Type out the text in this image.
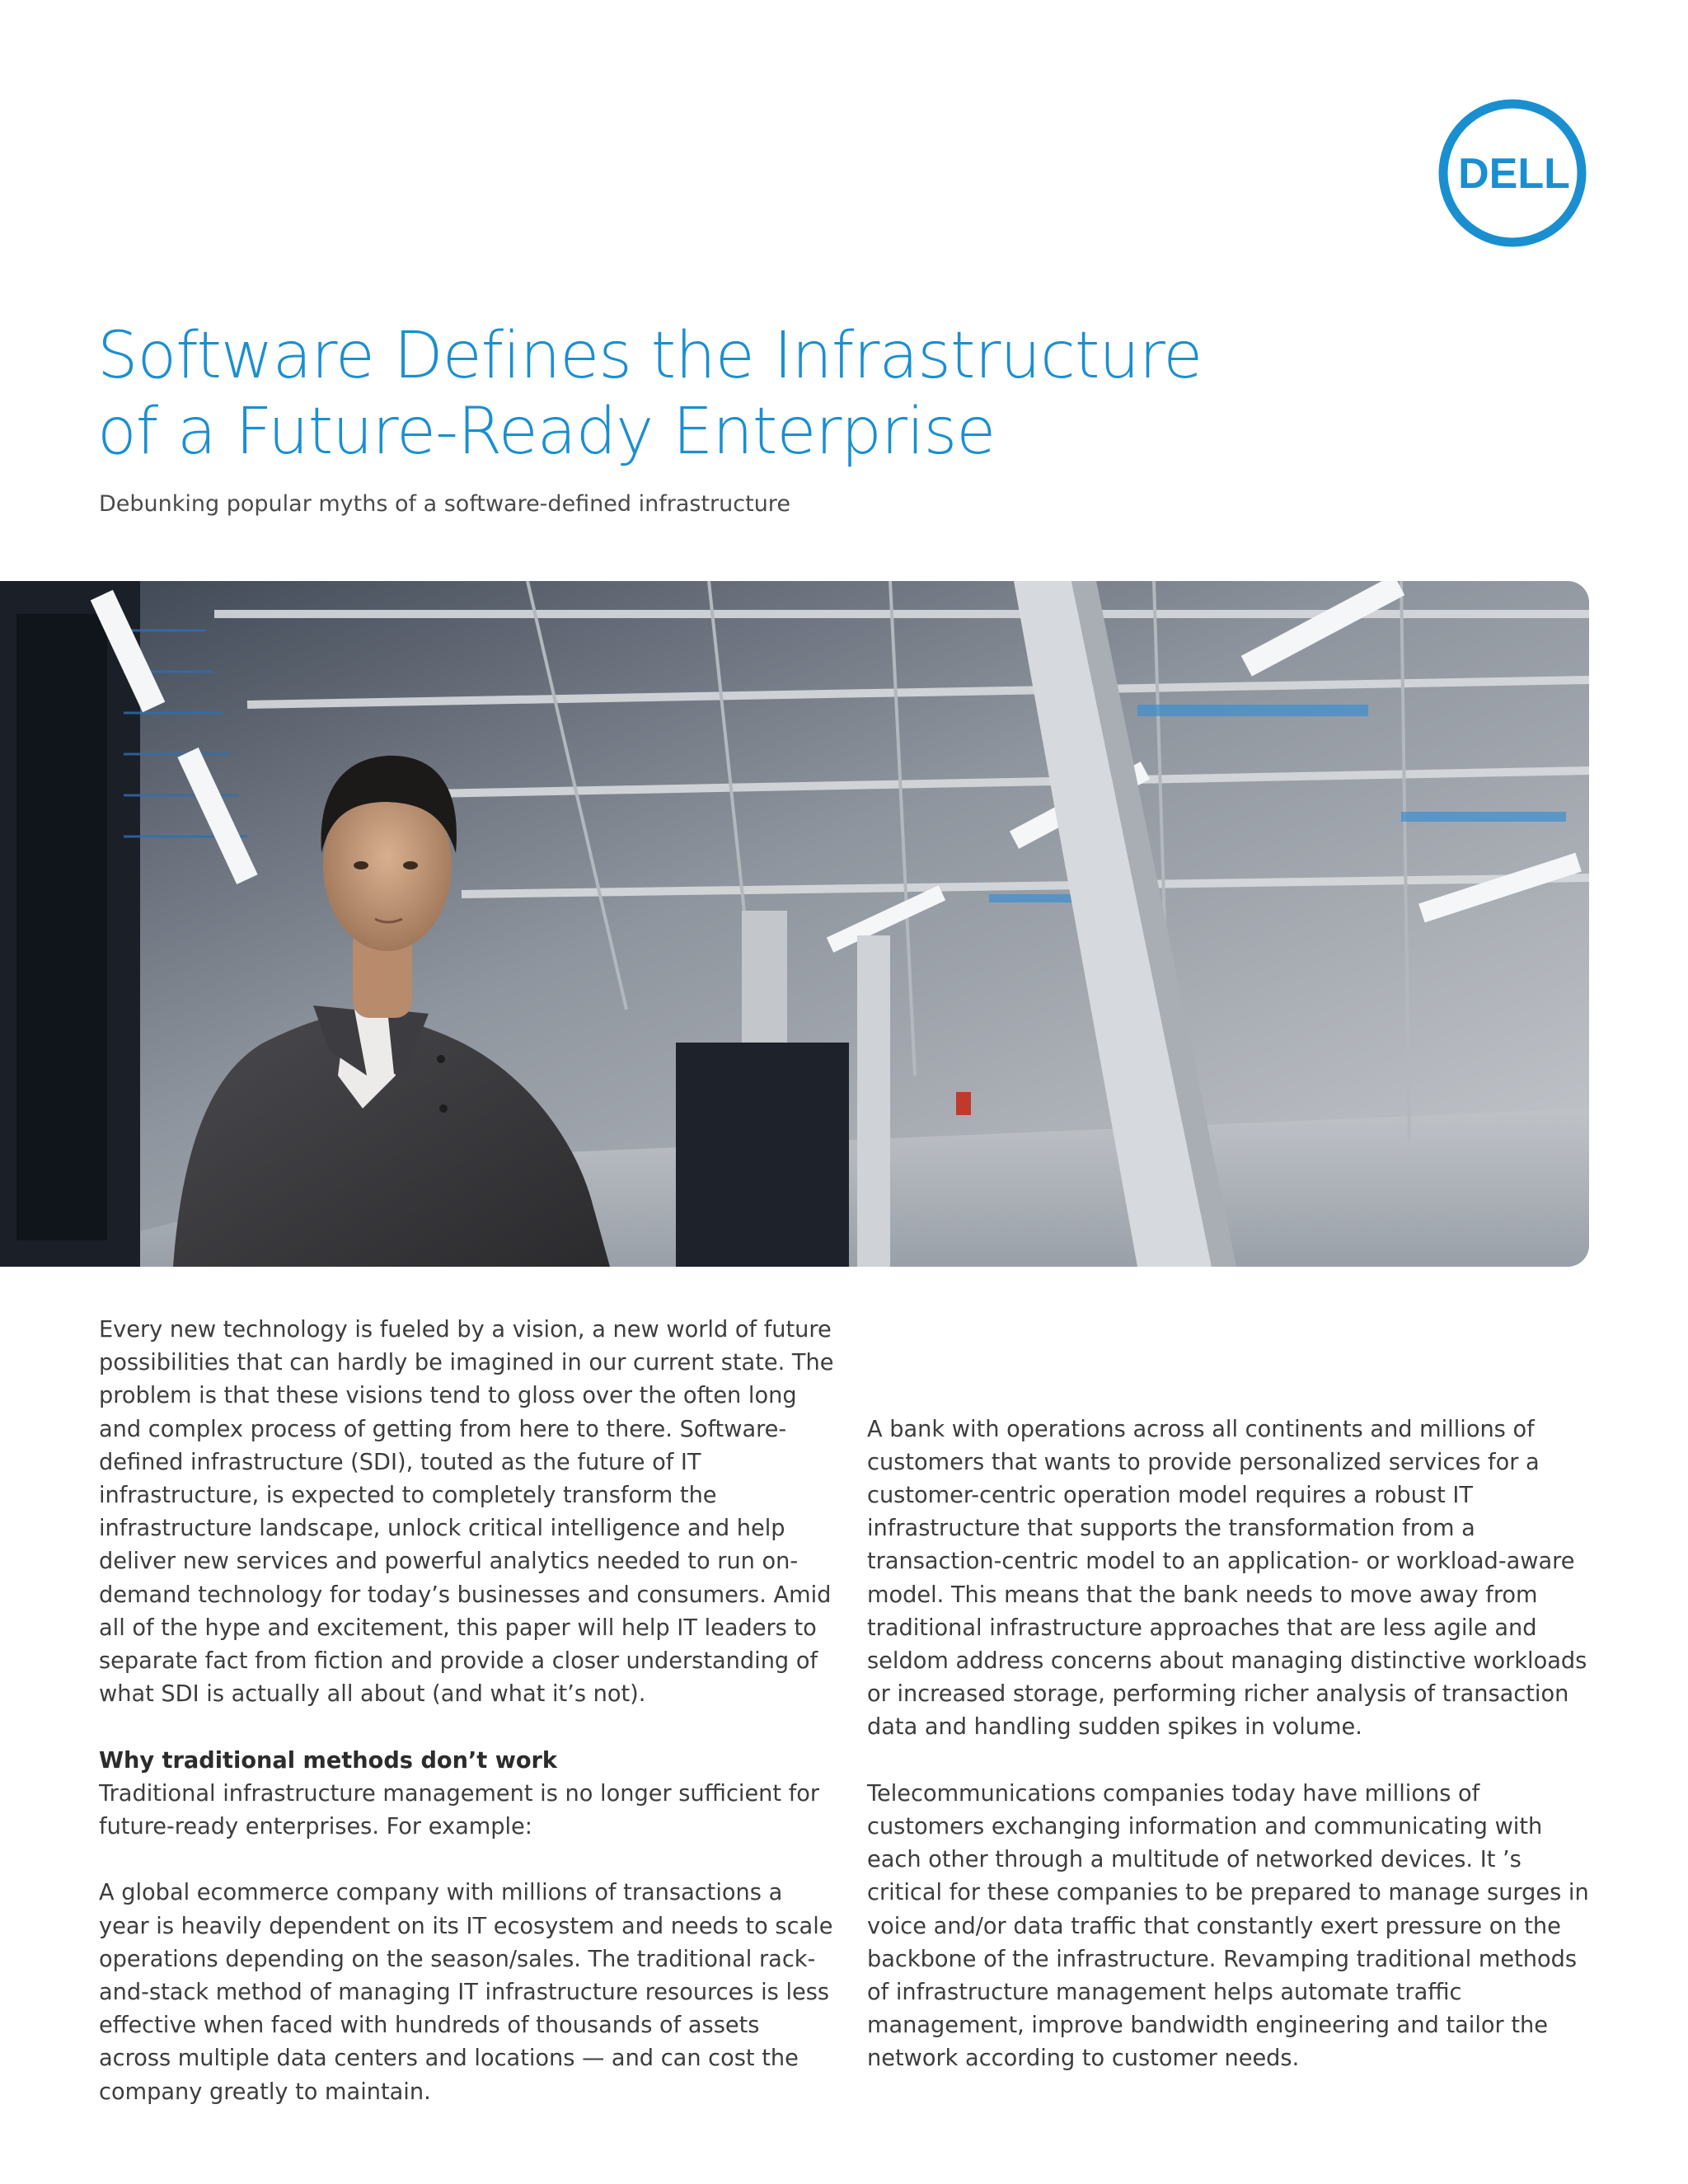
DELL
Software Defines the Infrastructure
of a Future-Ready Enterprise

Debunking popular myths of a software-defined infrastructure

Every new technology is fueled by a vision, a new world of future possibilities that can hardly be imagined in our current state. The problem is that these visions tend to gloss over the often long and complex process of getting from here to there. Software-defined infrastructure (SDI), touted as the future of IT infrastructure, is expected to completely transform the infrastructure landscape, unlock critical intelligence and help deliver new services and powerful analytics needed to run on-demand technology for today’s businesses and consumers. Amid all of the hype and excitement, this paper will help IT leaders to separate fact from fiction and provide a closer understanding of what SDI is actually all about (and what it’s not).

Why traditional methods don’t work

Traditional infrastructure management is no longer sufficient for future-ready enterprises. For example:

A global ecommerce company with millions of transactions a year is heavily dependent on its IT ecosystem and needs to scale operations depending on the season/sales. The traditional rack-and-stack method of managing IT infrastructure resources is less effective when faced with hundreds of thousands of assets across multiple data centers and locations — and can cost the company greatly to maintain.

A bank with operations across all continents and millions of customers that wants to provide personalized services for a customer-centric operation model requires a robust IT infrastructure that supports the transformation from a transaction-centric model to an application- or workload-aware model. This means that the bank needs to move away from traditional infrastructure approaches that are less agile and seldom address concerns about managing distinctive workloads or increased storage, performing richer analysis of transaction data and handling sudden spikes in volume.

Telecommunications companies today have millions of customers exchanging information and communicating with each other through a multitude of networked devices. It ’s critical for these companies to be prepared to manage surges in voice and/or data traffic that constantly exert pressure on the backbone of the infrastructure. Revamping traditional methods of infrastructure management helps automate traffic management, improve bandwidth engineering and tailor the network according to customer needs.
